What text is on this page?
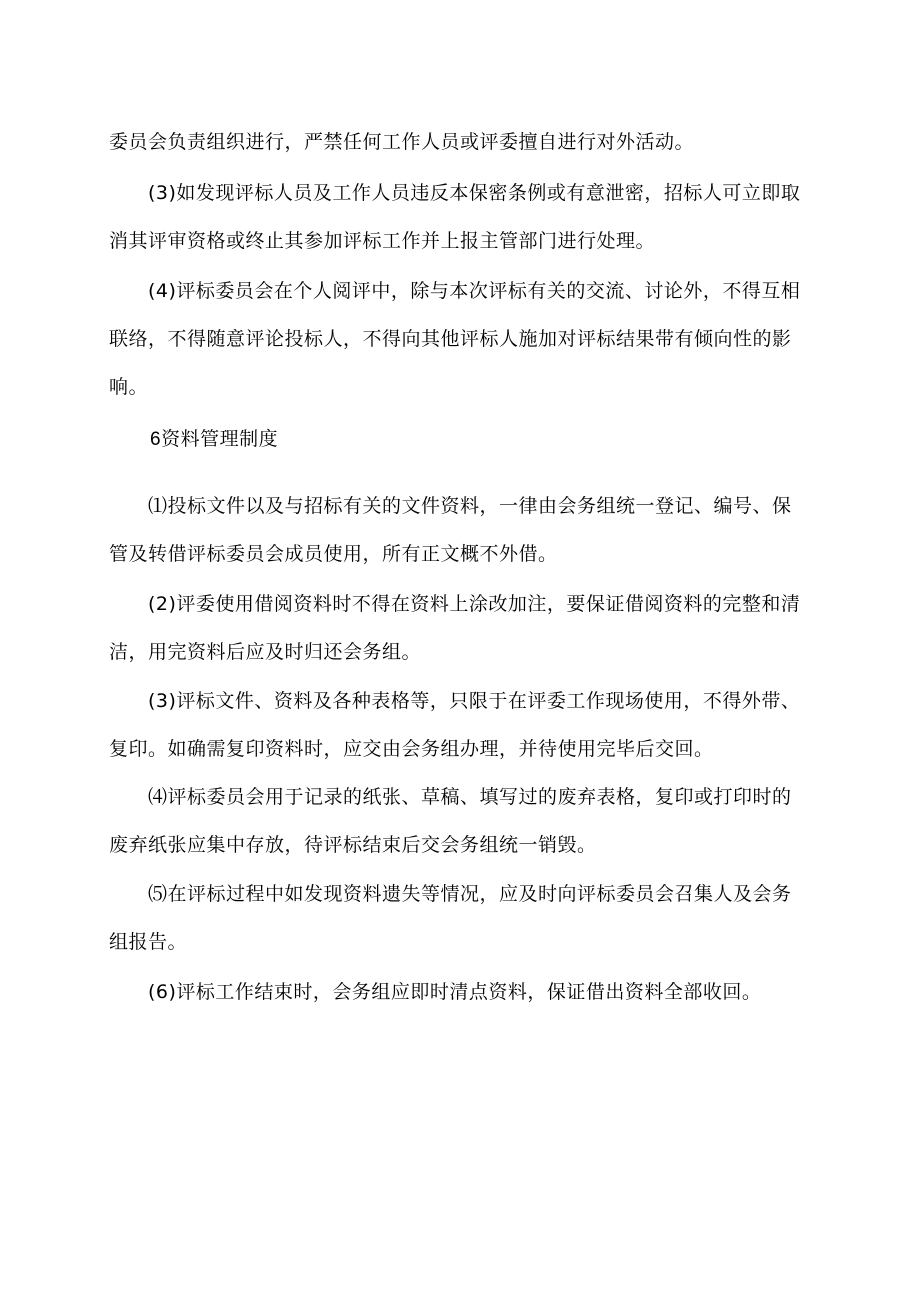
委员会负责组织进行，严禁任何工作人员或评委擅自进行对外活动。
(3)如发现评标人员及工作人员违反本保密条例或有意泄密，招标人可立即取
消其评审资格或终止其参加评标工作并上报主管部门进行处理。
(4)评标委员会在个人阅评中，除与本次评标有关的交流、讨论外，不得互相
联络，不得随意评论投标人，不得向其他评标人施加对评标结果带有倾向性的影
响。
6资料管理制度
⑴投标文件以及与招标有关的文件资料，一律由会务组统一登记、编号、保
管及转借评标委员会成员使用，所有正文概不外借。
(2)评委使用借阅资料时不得在资料上涂改加注，要保证借阅资料的完整和清
洁，用完资料后应及时归还会务组。
(3)评标文件、资料及各种表格等，只限于在评委工作现场使用，不得外带、
复印。如确需复印资料时，应交由会务组办理，并待使用完毕后交回。
⑷评标委员会用于记录的纸张、草稿、填写过的废弃表格，复印或打印时的
废弃纸张应集中存放，待评标结束后交会务组统一销毁。
⑸在评标过程中如发现资料遗失等情况，应及时向评标委员会召集人及会务
组报告。
(6)评标工作结束时，会务组应即时清点资料，保证借出资料全部收回。
